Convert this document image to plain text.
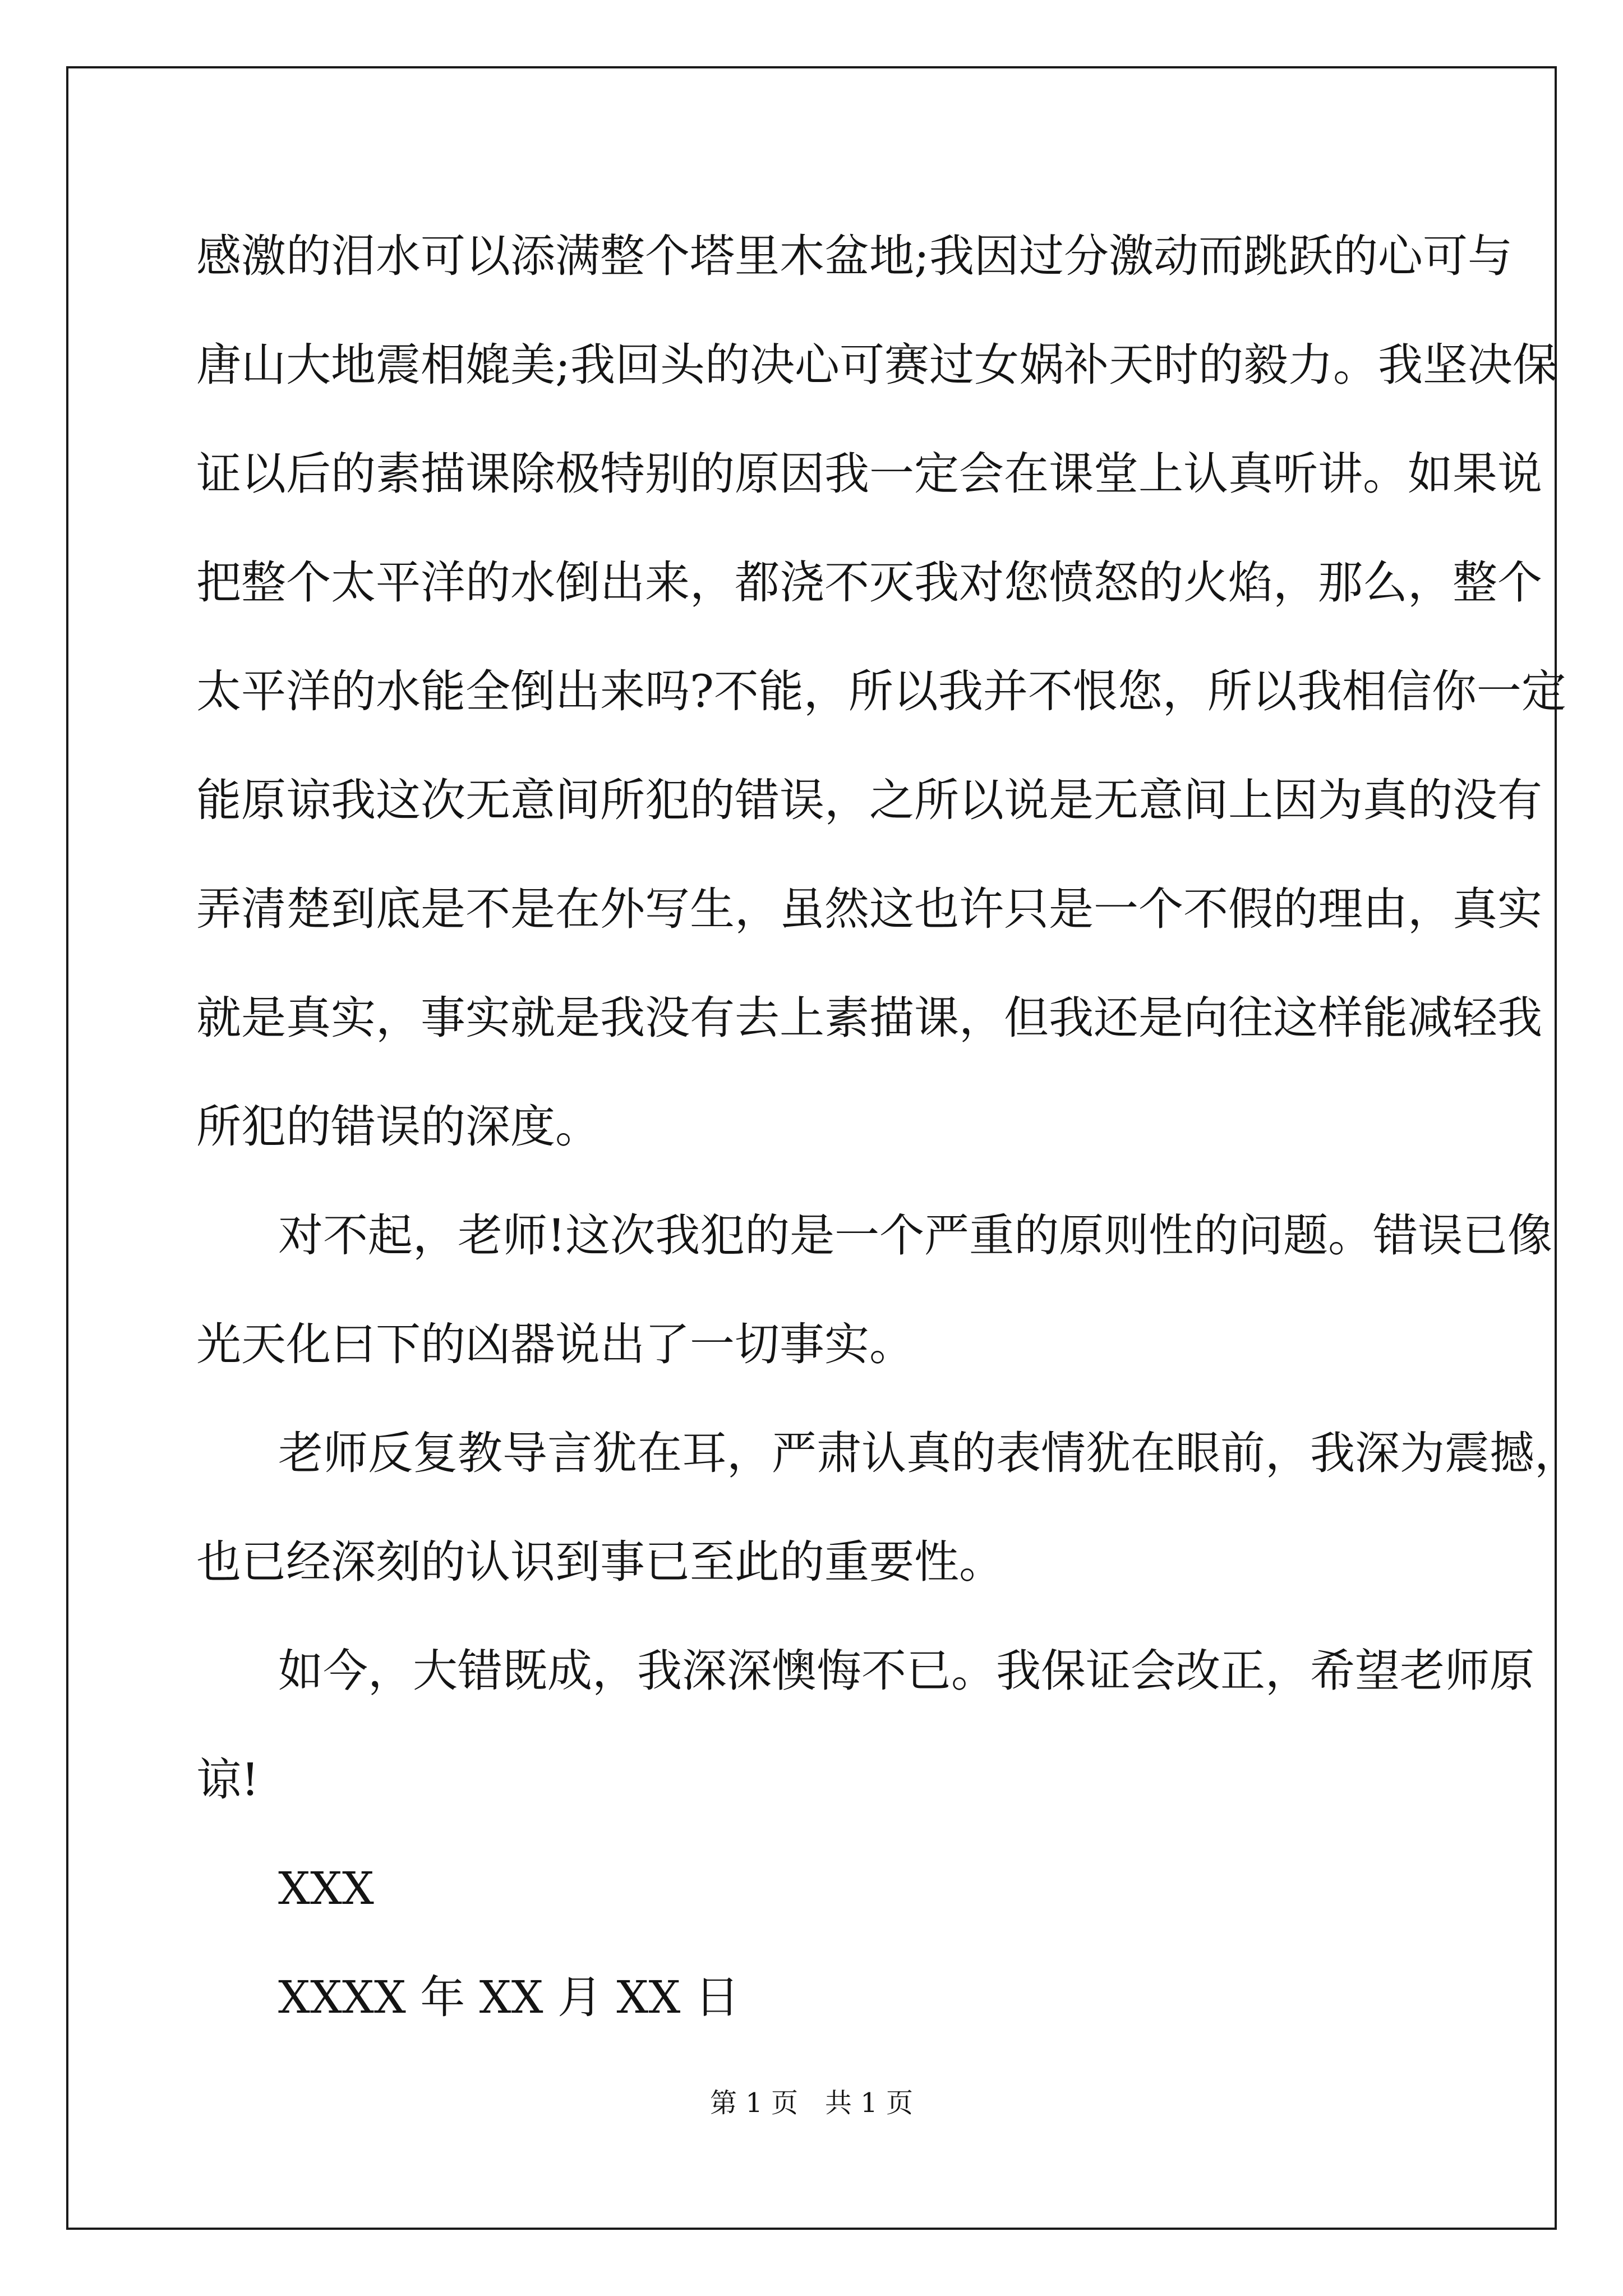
感激的泪水可以添满整个塔里木盆地;我因过分激动而跳跃的心可与
唐山大地震相媲美;我回头的决心可赛过女娲补天时的毅力。我坚决保
证以后的素描课除极特别的原因我一定会在课堂上认真听讲。如果说
把整个太平洋的水倒出来，都浇不灭我对您愤怒的火焰，那么，整个
太平洋的水能全倒出来吗?不能，所以我并不恨您，所以我相信你一定
能原谅我这次无意间所犯的错误，之所以说是无意间上因为真的没有
弄清楚到底是不是在外写生，虽然这也许只是一个不假的理由，真实
就是真实，事实就是我没有去上素描课，但我还是向往这样能减轻我
所犯的错误的深度。
对不起，老师!这次我犯的是一个严重的原则性的问题。错误已像
光天化曰下的凶器说出了一切事实。
老师反复教导言犹在耳，严肃认真的表情犹在眼前，我深为震撼，
也已经深刻的认识到事已至此的重要性。
如今，大错既成，我深深懊悔不已。我保证会改正，希望老师原
谅!
XXX
XXXX 年 XX 月 XX 日
第 1 页　共 1 页
